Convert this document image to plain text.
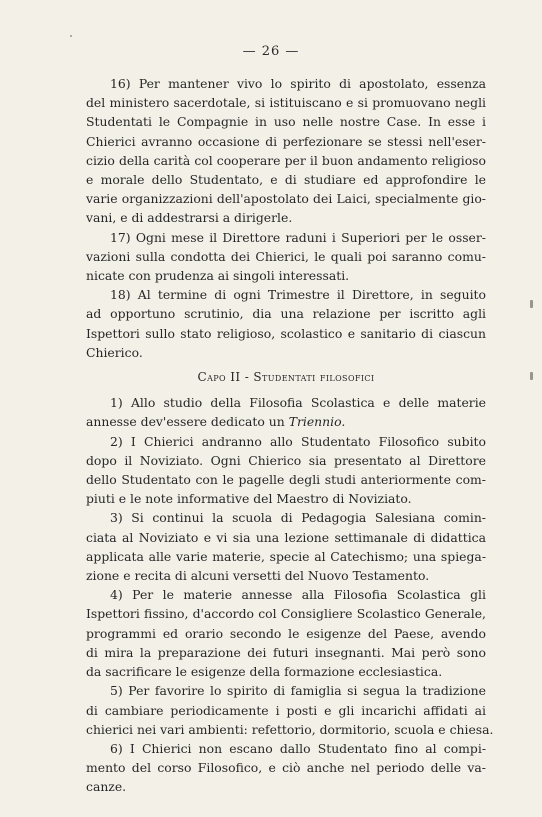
— 26 —
16) Per mantener vivo lo spirito di apostolato, essenza
del ministero sacerdotale, si istituiscano e si promuovano negli
Studentati le Compagnie in uso nelle nostre Case. In esse i
Chierici avranno occasione di perfezionare se stessi nell'eser-
cizio della carità col cooperare per il buon andamento religioso
e morale dello Studentato, e di studiare ed approfondire le
varie organizzazioni dell'apostolato dei Laici, specialmente gio-
vani, e di addestrarsi a dirigerle.
17) Ogni mese il Direttore raduni i Superiori per le osser-
vazioni sulla condotta dei Chierici, le quali poi saranno comu-
nicate con prudenza ai singoli interessati.
18) Al termine di ogni Trimestre il Direttore, in seguito
ad opportuno scrutinio, dia una relazione per iscritto agli
Ispettori sullo stato religioso, scolastico e sanitario di ciascun
Chierico.
Capo II - Studentati filosofici
1) Allo studio della Filosofia Scolastica e delle materie
annesse dev'essere dedicato un Triennio.
2) I Chierici andranno allo Studentato Filosofico subito
dopo il Noviziato. Ogni Chierico sia presentato al Direttore
dello Studentato con le pagelle degli studi anteriormente com-
piuti e le note informative del Maestro di Noviziato.
3) Si continui la scuola di Pedagogia Salesiana comin-
ciata al Noviziato e vi sia una lezione settimanale di didattica
applicata alle varie materie, specie al Catechismo; una spiega-
zione e recita di alcuni versetti del Nuovo Testamento.
4) Per le materie annesse alla Filosofia Scolastica gli
Ispettori fissino, d'accordo col Consigliere Scolastico Generale,
programmi ed orario secondo le esigenze del Paese, avendo
di mira la preparazione dei futuri insegnanti. Mai però sono
da sacrificare le esigenze della formazione ecclesiastica.
5) Per favorire lo spirito di famiglia si segua la tradizione
di cambiare periodicamente i posti e gli incarichi affidati ai
chierici nei vari ambienti: refettorio, dormitorio, scuola e chiesa.
6) I Chierici non escano dallo Studentato fino al compi-
mento del corso Filosofico, e ciò anche nel periodo delle va-
canze.
